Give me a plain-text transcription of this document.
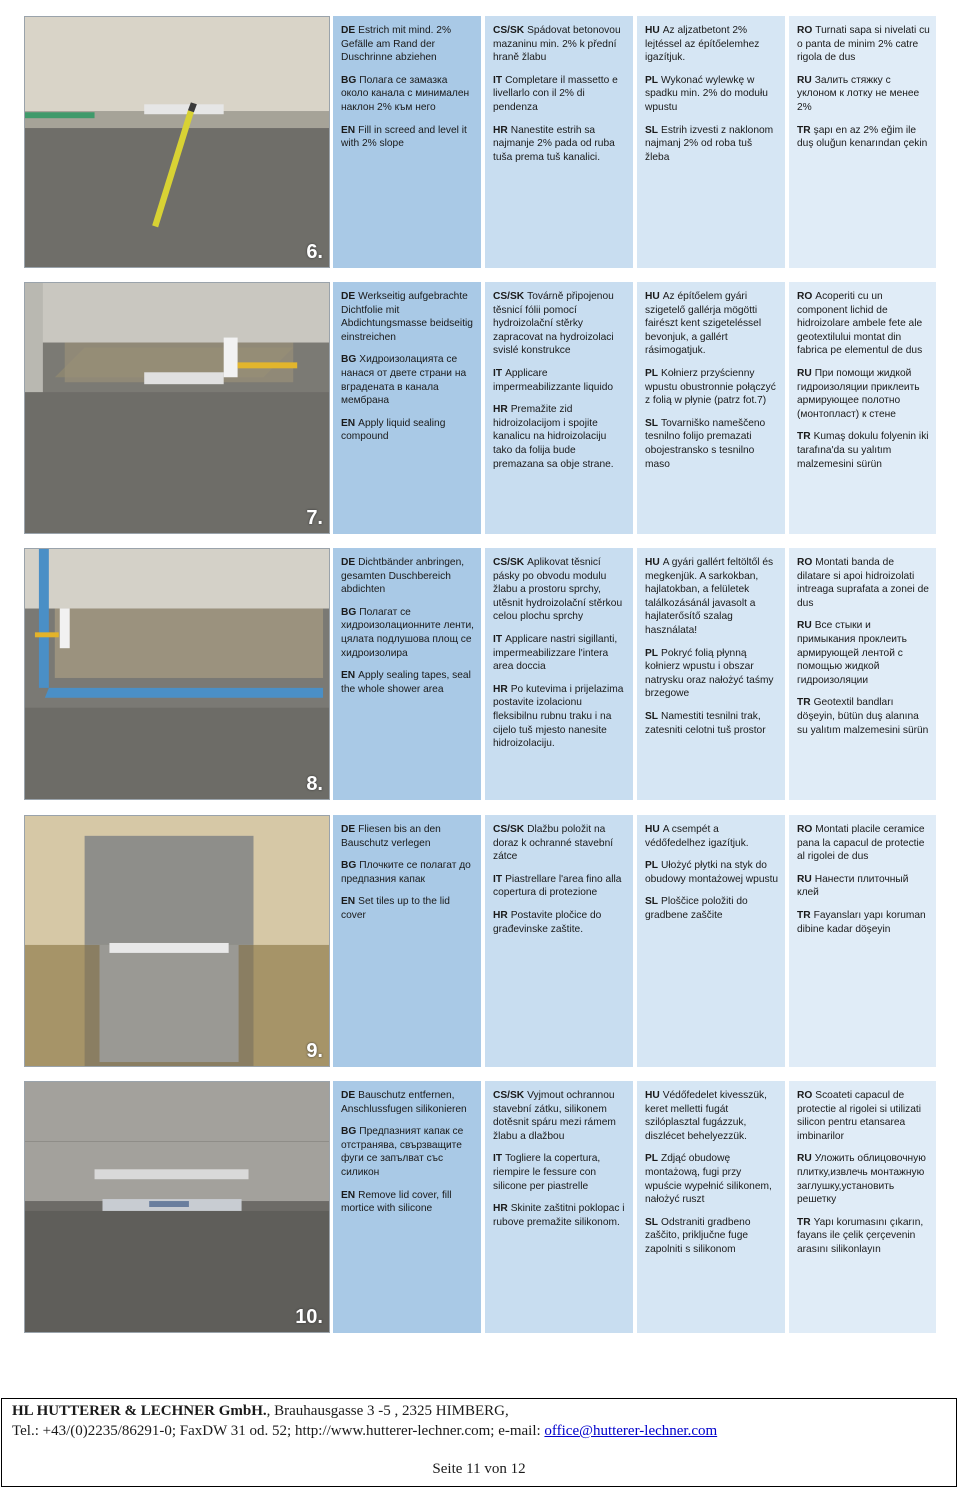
6.
DE Estrich mit mind. 2% Gefälle am Rand der Duschrinne abziehen
BG Полагa се замазка около канала с минимален наклон 2% към него
EN Fill in screed and level it with 2% slope
CS/SK Spádovat betonovou mazaninu min. 2% k přední hraně žlabu
IT Completare il massetto e livellarlo con il 2% di pendenza
HR Nanestite estrih sa najmanje 2% pada od ruba tuša prema tuš kanalici.
HU Az aljzatbetont 2% lejtéssel az építőelemhez igazítjuk.
PL Wykonać wylewkę w spadku min. 2% do modułu wpustu
SL Estrih izvesti z naklonom najmanj 2% od roba tuš žleba
RO Turnati sapa si nivelati cu o panta de minim 2% catre rigola de dus
RU Залить стяжку с уклоном к лотку не менее 2%
TR şapı en az 2% eğim ile duş oluğun kenarından çekin
7.
DE Werkseitig aufgebrachte Dichtfolie mit Abdichtungsmasse beidseitig einstreichen
BG Хидроизолацията се нанася от двете страни на вградената в канала мембрана
EN Apply liquid sealing compound
CS/SK Továrně připojenou těsnicí fólii pomocí hydroizolační stěrky zapracovat na hydroizolaci svislé konstrukce
IT Applicare impermeabilizzante liquido
HR Premažite zid hidroizolacijom i spojite kanalicu na hidroizolaciju tako da folija bude premazana sa obje strane.
HU Az építőelem gyári szigetelő gallérja mögötti fairészt kent szigeteléssel bevonjuk, a gallért rásimogatjuk.
PL Kołnierz przyścienny wpustu obustronnie połączyć z folią w płynie (patrz fot.7)
SL Tovarniško nameščeno tesnilno folijo premazati obojestransko s tesnilno maso
RO Acoperiti cu un component lichid de hidroizolare ambele fete ale geotextilului montat din fabrica pe elementul de dus
RU При помощи жидкой гидроизоляции приклеить армирующее полотно (монтопласт) к стене
TR Kumaş dokulu folyenin iki tarafına'da su yalıtım malzemesini sürün
8.
DE Dichtbänder anbringen, gesamten Duschbereich abdichten
BG Полагат се хидроизолационните ленти, цялата подлушова площ се хидроизолира
EN Apply sealing tapes, seal the whole shower area
CS/SK Aplikovat těsnicí pásky po obvodu modulu žlabu a prostoru sprchy, utěsnit hydroizolační stěrkou celou plochu sprchy
IT Applicare nastri sigillanti, impermeabilizzare l'intera area doccia
HR Po kutevima i prijelazima postavite izolacionu fleksibilnu rubnu traku i na cijelo tuš mjesto nanesite hidroizolaciju.
HU A gyári gallért feltöltől és megkenjük. A sarkokban, hajlatokban, a felületek találkozásánál javasolt a hajlaterősítő szalag használata!
PL Pokryć folią płynną kołnierz wpustu i obszar natrysku oraz nałożyć taśmy brzegowe
SL Namestiti tesnilni trak, zatesniti celotni tuš prostor
RO Montati banda de dilatare si apoi hidroizolati intreaga suprafata a zonei de dus
RU Все стыки и примыкания проклеить армирующей лентой с помощью жидкой гидроизоляции
TR Geotextil bandları döşeyin, bütün duş alanına su yalıtım malzemesini sürün
9.
DE Fliesen bis an den Bauschutz verlegen
BG Плочките се полагат до предпазния капак
EN Set tiles up to the lid cover
CS/SK Dlažbu položit na doraz k ochranné stavební zátce
IT Piastrellare l'area fino alla copertura di protezione
HR Postavite pločice do građevinske zaštite.
HU A csempét a védőfedelhez igazítjuk.
PL Ułożyć płytki na styk do obudowy montażowej wpustu
SL Ploščice položiti do gradbene zaščite
RO Montati placile ceramice pana la capacul de protectie al rigolei de dus
RU Нанести плиточный клей
TR Fayansları yapı koruman dibine kadar döşeyin
10.
DE Bauschutz entfernen, Anschlussfugen silikonieren
BG Предпазният капак се отстранява, свързващите фуги се запълват със силикон
EN Remove lid cover, fill mortice with silicone
CS/SK Vyjmout ochrannou stavební zátku, silikonem dotěsnit spáru mezi rámem žlabu a dlažbou
IT Togliere la copertura, riempire le fessure con silicone per piastrelle
HR Skinite zaštitni poklopac i rubove premažite silikonom.
HU Védőfedelet kivesszük, keret melletti fugát szilóplasztal fugázzuk, diszlécet behelyezzük.
PL Zdjąć obudowę montażową, fugi przy wpuście wypełnić silikonem, nałożyć ruszt
SL Odstraniti gradbeno zaščito, priključne fuge zapolniti s silikonom
RO Scoateti capacul de protectie al rigolei si utilizati silicon pentru etansarea imbinarilor
RU Уложить облицовочную плитку,извлечь монтажную заглушку,установить решетку
TR Yapı korumasını çıkarın, fayans ile çelik çerçevenin arasını silikonlayın
HL HUTTERER & LECHNER GmbH., Brauhausgasse 3 -5 , 2325 HIMBERG,
Tel.: +43/(0)2235/86291-0; FaxDW 31 od. 52; http://www.hutterer-lechner.com; e-mail: office@hutterer-lechner.com
Seite 11 von 12
